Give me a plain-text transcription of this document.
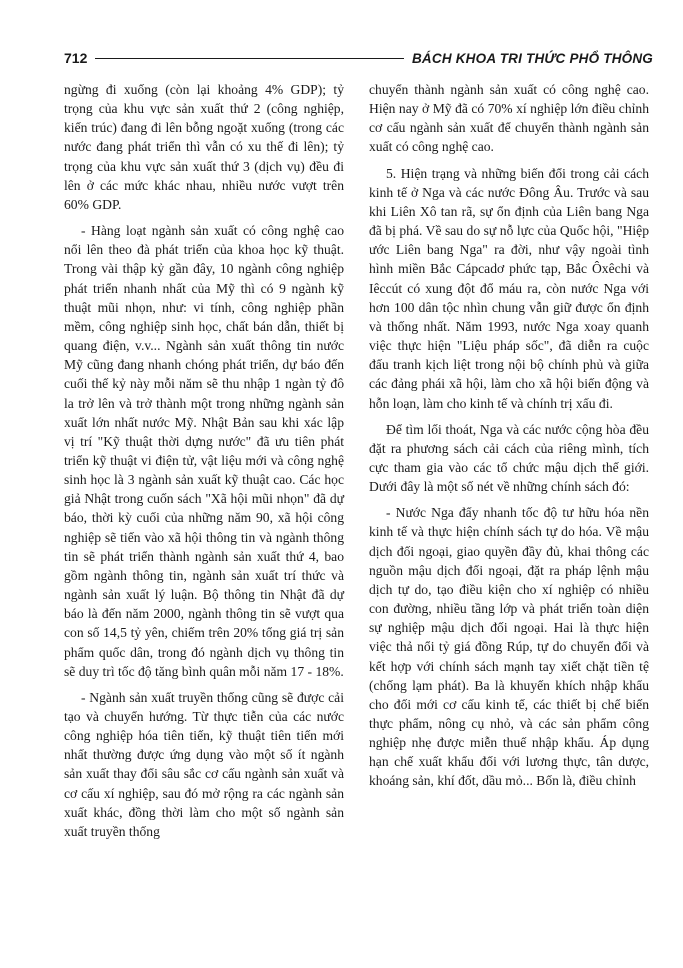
712	BÁCH KHOA TRI THỨC PHỔ THÔNG

ngừng đi xuống (còn lại khoảng 4% GDP); tỷ trọng của khu vực sản xuất thứ 2 (công nghiệp, kiến trúc) đang đi lên bỗng ngoặt xuống (trong các nước đang phát triển thì vẫn có xu thế đi lên); tỷ trọng của khu vực sản xuất thứ 3 (dịch vụ) đều đi lên ở các mức khác nhau, nhiều nước vượt trên 60% GDP.

- Hàng loạt ngành sản xuất có công nghệ cao nổi lên theo đà phát triển của khoa học kỹ thuật. Trong vài thập kỷ gần đây, 10 ngành công nghiệp phát triển nhanh nhất của Mỹ thì có 9 ngành kỹ thuật mũi nhọn, như: vi tính, công nghiệp phần mềm, công nghiệp sinh học, chất bán dẫn, thiết bị quang điện, v.v... Ngành sản xuất thông tin nước Mỹ cũng đang nhanh chóng phát triển, dự báo đến cuối thế kỷ này mỗi năm sẽ thu nhập 1 ngàn tỷ đô la trở lên và trở thành một trong những ngành sản xuất lớn nhất nước Mỹ. Nhật Bản sau khi xác lập vị trí "Kỹ thuật thời dựng nước" đã ưu tiên phát triển kỹ thuật vi điện tử, vật liệu mới và công nghệ sinh học là 3 ngành sản xuất kỹ thuật cao. Các học giả Nhật trong cuốn sách "Xã hội mũi nhọn" đã dự báo, thời kỳ cuối của những năm 90, xã hội công nghiệp sẽ tiến vào xã hội thông tin và ngành thông tin sẽ phát triển thành ngành sản xuất thứ 4, bao gồm ngành thông tin, ngành sản xuất trí thức và ngành sản xuất lý luận. Bộ thông tin Nhật đã dự báo là đến năm 2000, ngành thông tin sẽ vượt qua con số 14,5 tỷ yên, chiếm trên 20% tổng giá trị sản phẩm quốc dân, trong đó ngành dịch vụ thông tin sẽ duy trì tốc độ tăng bình quân mỗi năm 17 - 18%.

- Ngành sản xuất truyền thống cũng sẽ được cải tạo và chuyển hướng. Từ thực tiễn của các nước công nghiệp hóa tiên tiến, kỹ thuật tiên tiến mới nhất thường được ứng dụng vào một số ít ngành sản xuất thay đổi sâu sắc cơ cấu ngành sản xuất và cơ cấu xí nghiệp, sau đó mở rộng ra các ngành sản xuất khác, đồng thời làm cho một số ngành sản xuất truyền thống

chuyển thành ngành sản xuất có công nghệ cao. Hiện nay ở Mỹ đã có 70% xí nghiệp lớn điều chỉnh cơ cấu ngành sản xuất để chuyển thành ngành sản xuất có công nghệ cao.

5. Hiện trạng và những biến đổi trong cải cách kinh tế ở Nga và các nước Đông Âu. Trước và sau khi Liên Xô tan rã, sự ổn định của Liên bang Nga đã bị phá. Về sau do sự nỗ lực của Quốc hội, "Hiệp ước Liên bang Nga" ra đời, như vậy ngoài tình hình miền Bắc Cápcadơ phức tạp, Bắc Ôxêchi và Iêccút có xung đột đổ máu ra, còn nước Nga với hơn 100 dân tộc nhìn chung vẫn giữ được ổn định và thống nhất. Năm 1993, nước Nga xoay quanh việc thực hiện "Liệu pháp sốc", đã diễn ra cuộc đấu tranh kịch liệt trong nội bộ chính phủ và giữa các đảng phái xã hội, làm cho xã hội biến động và hỗn loạn, làm cho kinh tế và chính trị xấu đi.

Để tìm lối thoát, Nga và các nước cộng hòa đều đặt ra phương sách cải cách của riêng mình, tích cực tham gia vào các tổ chức mậu dịch thế giới. Dưới đây là một số nét về những chính sách đó:

- Nước Nga đẩy nhanh tốc độ tư hữu hóa nền kinh tế và thực hiện chính sách tự do hóa. Về mậu dịch đối ngoại, giao quyền đầy đủ, khai thông các nguồn mậu dịch đối ngoại, đặt ra pháp lệnh mậu dịch tự do, tạo điều kiện cho xí nghiệp có nhiều con đường, nhiều tầng lớp và phát triển toàn diện sự nghiệp mậu dịch đối ngoại. Hai là thực hiện việc thả nổi tỷ giá đồng Rúp, tự do chuyển đổi và kết hợp với chính sách mạnh tay xiết chặt tiền tệ (chống lạm phát). Ba là khuyến khích nhập khẩu cho đối mới cơ cấu kinh tế, các thiết bị chế biến thực phẩm, nông cụ nhỏ, và các sản phẩm công nghiệp nhẹ được miễn thuế nhập khẩu. Áp dụng hạn chế xuất khẩu đối với lương thực, tân dược, khoáng sản, khí đốt, dầu mỏ... Bốn là, điều chỉnh
